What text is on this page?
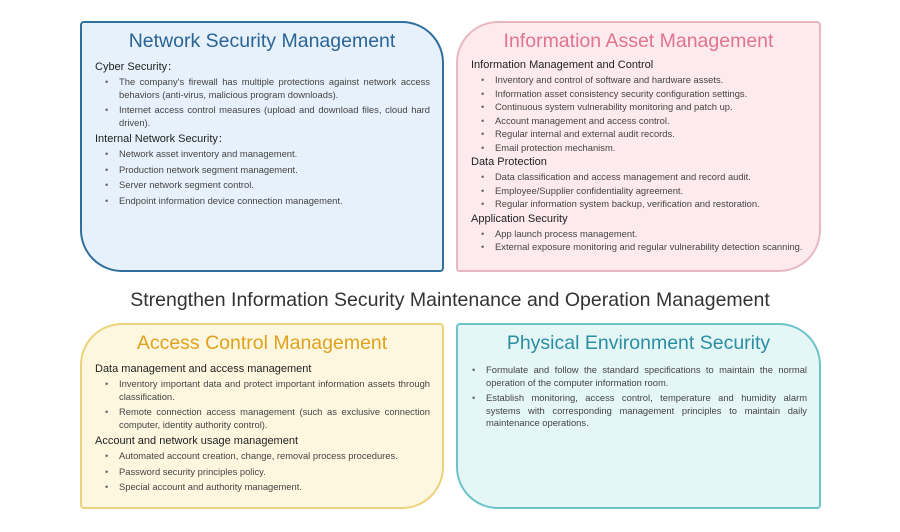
Network Security Management
Cyber Security：
• The company's firewall has multiple protections against network access behaviors (anti-virus, malicious program downloads).
• Internet access control measures (upload and download files, cloud hard driven).
Internal Network Security：
• Network asset inventory and management.
• Production network segment management.
• Server network segment control.
• Endpoint information device connection management.
Information Asset Management
Information Management and Control
• Inventory and control of software and hardware assets.
• Information asset consistency security configuration settings.
• Continuous system vulnerability monitoring and patch up.
• Account management and access control.
• Regular internal and external audit records.
• Email protection mechanism.
Data Protection
• Data classification and access management and record audit.
• Employee/Supplier confidentiality agreement.
• Regular information system backup, verification and restoration.
Application Security
• App launch process management.
• External exposure monitoring and regular vulnerability detection scanning.
Strengthen Information Security Maintenance and Operation Management
Access Control Management
Data management and access management
• Inventory important data and protect important information assets through classification.
• Remote connection access management (such as exclusive connection computer, identity authority control).
Account and network usage management
• Automated account creation, change, removal process procedures.
• Password security principles policy.
• Special account and authority management.
Physical Environment Security
• Formulate and follow the standard specifications to maintain the normal operation of the computer information room.
• Establish monitoring, access control, temperature and humidity alarm systems with corresponding management principles to maintain daily maintenance operations.
